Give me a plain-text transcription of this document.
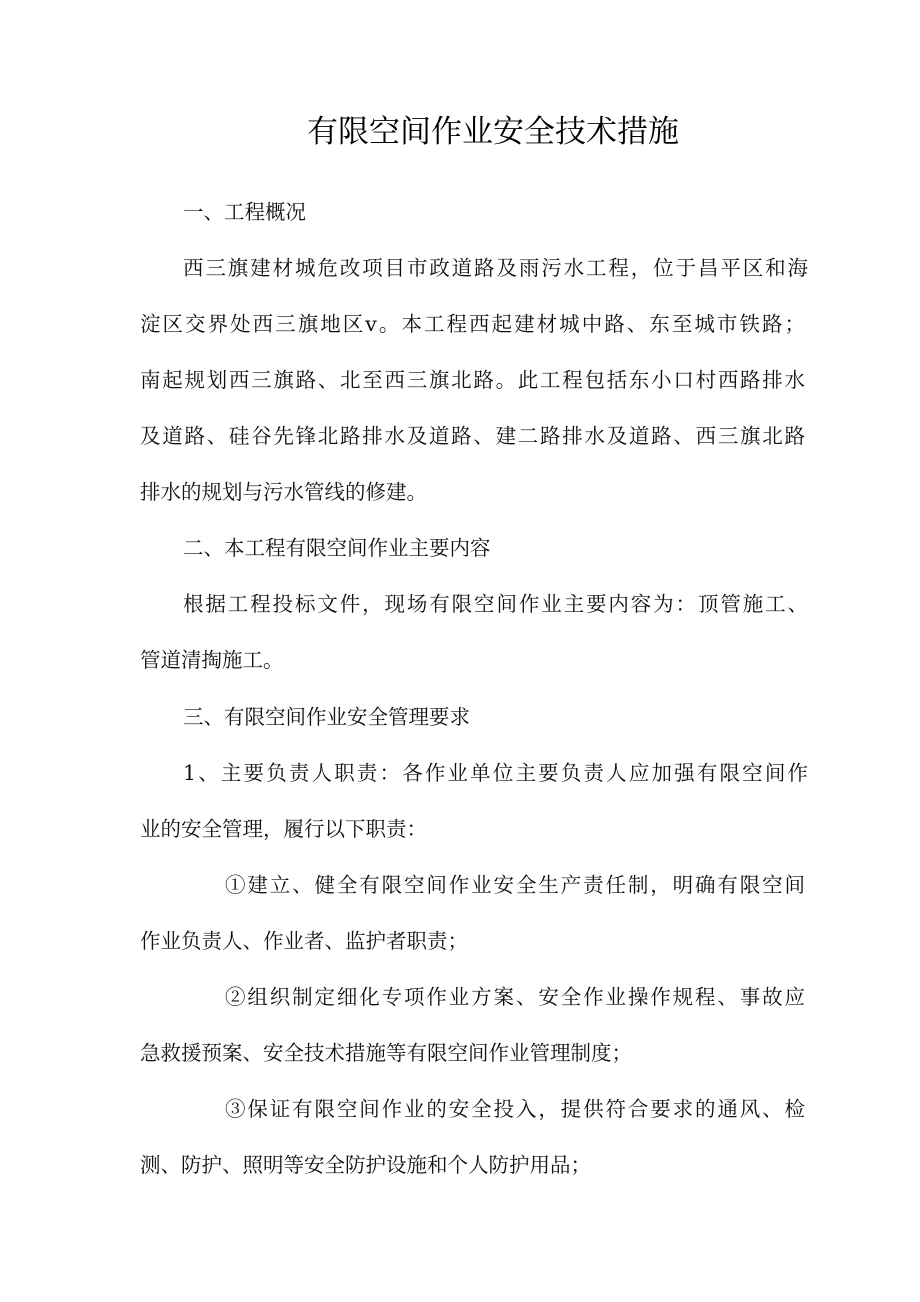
有限空间作业安全技术措施
一、工程概况
西三旗建材城危改项目市政道路及雨污水工程，位于昌平区和海
淀区交界处西三旗地区v。本工程西起建材城中路、东至城市铁路；
南起规划西三旗路、北至西三旗北路。此工程包括东小口村西路排水
及道路、硅谷先锋北路排水及道路、建二路排水及道路、西三旗北路
排水的规划与污水管线的修建。
二、本工程有限空间作业主要内容
根据工程投标文件，现场有限空间作业主要内容为：顶管施工、
管道清掏施工。
三、有限空间作业安全管理要求
1、主要负责人职责：各作业单位主要负责人应加强有限空间作
业的安全管理，履行以下职责：
①建立、健全有限空间作业安全生产责任制，明确有限空间
作业负责人、作业者、监护者职责；
②组织制定细化专项作业方案、安全作业操作规程、事故应
急救援预案、安全技术措施等有限空间作业管理制度；
③保证有限空间作业的安全投入，提供符合要求的通风、检
测、防护、照明等安全防护设施和个人防护用品；
